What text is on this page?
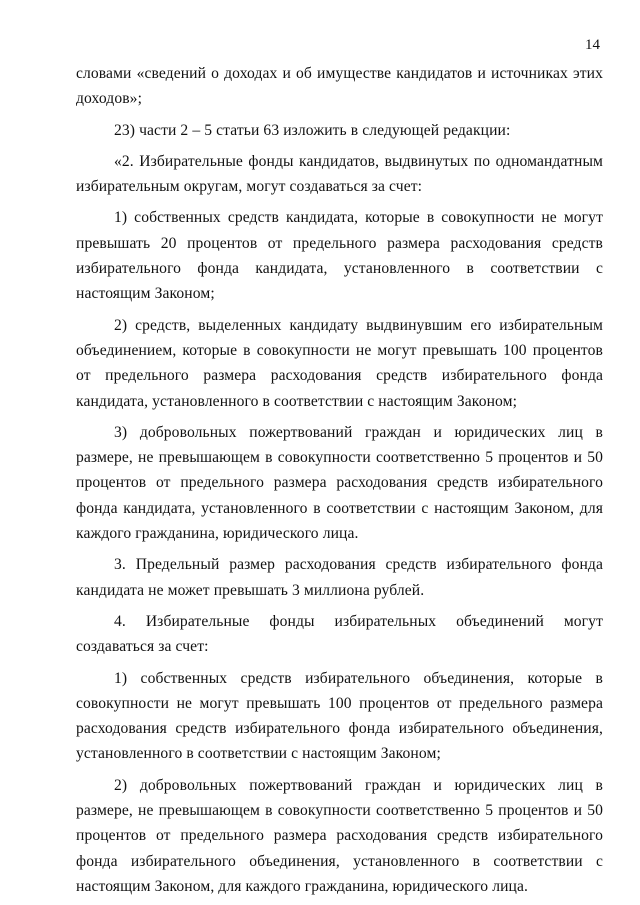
14

словами «сведений о доходах и об имуществе кандидатов и источниках этих доходов»;

23) части 2 – 5 статьи 63 изложить в следующей редакции:

«2. Избирательные фонды кандидатов, выдвинутых по одномандатным избирательным округам, могут создаваться за счет:

1) собственных средств кандидата, которые в совокупности не могут превышать 20 процентов от предельного размера расходования средств избирательного фонда кандидата, установленного в соответствии с настоящим Законом;

2) средств, выделенных кандидату выдвинувшим его избирательным объединением, которые в совокупности не могут превышать 100 процентов от предельного размера расходования средств избирательного фонда кандидата, установленного в соответствии с настоящим Законом;

3) добровольных пожертвований граждан и юридических лиц в размере, не превышающем в совокупности соответственно 5 процентов и 50 процентов от предельного размера расходования средств избирательного фонда кандидата, установленного в соответствии с настоящим Законом, для каждого гражданина, юридического лица.

3. Предельный размер расходования средств избирательного фонда кандидата не может превышать 3 миллиона рублей.

4. Избирательные фонды избирательных объединений могут создаваться за счет:

1) собственных средств избирательного объединения, которые в совокупности не могут превышать 100 процентов от предельного размера расходования средств избирательного фонда избирательного объединения, установленного в соответствии с настоящим Законом;

2) добровольных пожертвований граждан и юридических лиц в размере, не превышающем в совокупности соответственно 5 процентов и 50 процентов от предельного размера расходования средств избирательного фонда избирательного объединения, установленного в соответствии с настоящим Законом, для каждого гражданина, юридического лица.
